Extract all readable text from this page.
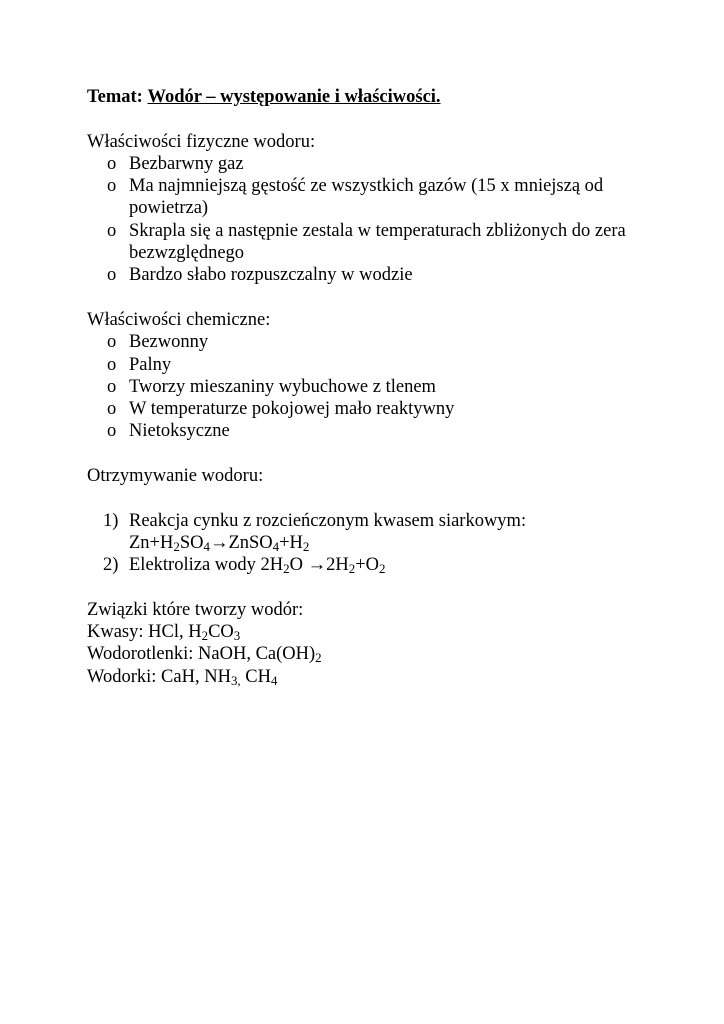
Temat: Wodór – występowanie i właściwości.
Właściwości fizyczne wodoru:
o Bezbarwny gaz
o Ma najmniejszą gęstość ze wszystkich gazów (15 x mniejszą od powietrza)
o Skrapla się a następnie zestala w temperaturach zbliżonych do zera bezwzględnego
o Bardzo słabo rozpuszczalny w wodzie
Właściwości chemiczne:
o Bezwonny
o Palny
o Tworzy mieszaniny wybuchowe z tlenem
o W temperaturze pokojowej mało reaktywny
o Nietoksyczne
Otrzymywanie wodoru:
1) Reakcja cynku z rozcieńczonym kwasem siarkowym:
$Zn+H_2SO_4\to ZnSO_4+H_2$
2) Elektroliza wody $2H_2O \to 2H_2+O_2$
Związki które tworzy wodór:
Kwasy: HCl, $H_2CO_3$
Wodorotlenki: NaOH, $Ca(OH)_2$
Wodorki: CaH, $NH_{3,}$ $CH_4$
